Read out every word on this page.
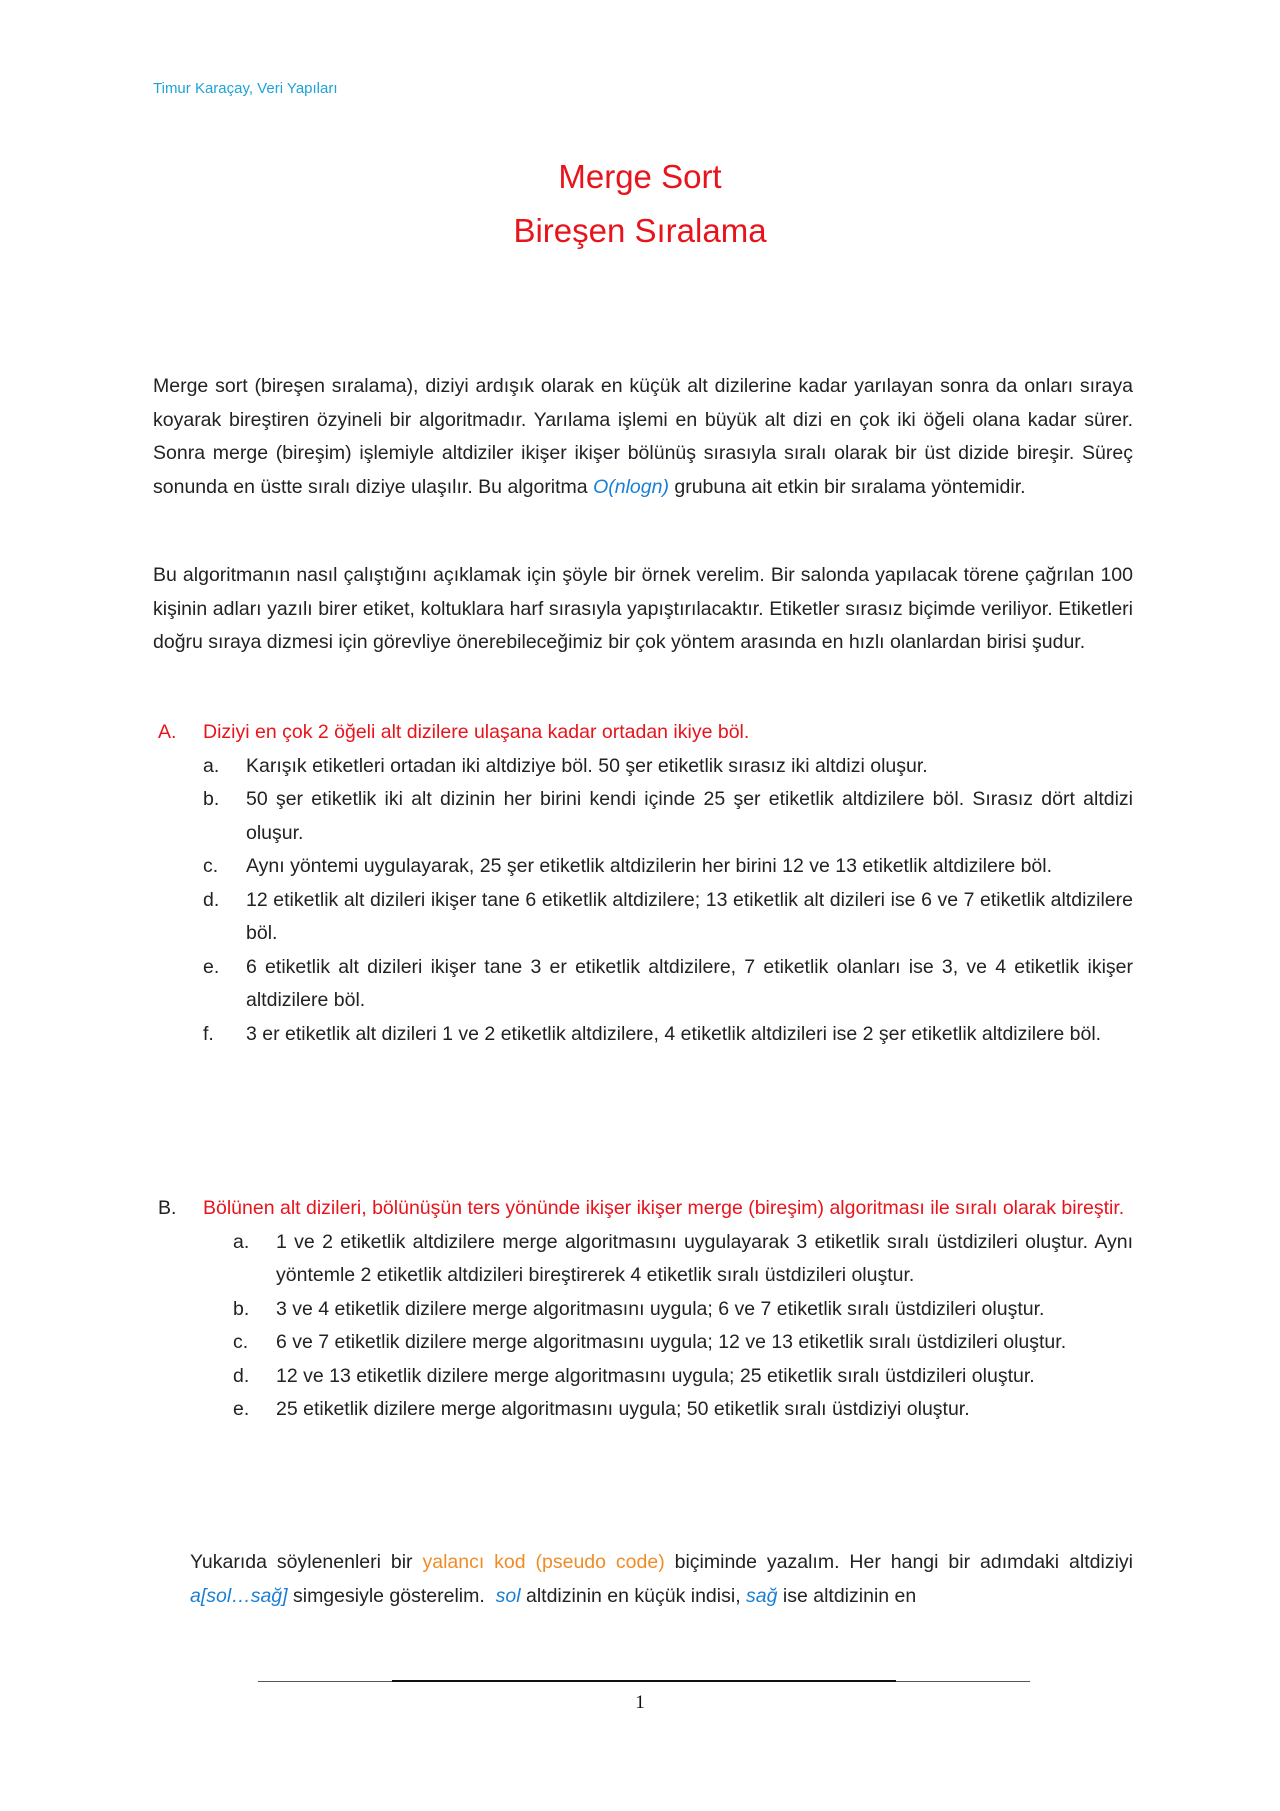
Timur Karaçay, Veri Yapıları
Merge Sort
Bireşen Sıralama
Merge sort (bireşen sıralama), diziyi ardışık olarak en küçük alt dizilerine kadar yarılayan sonra da onları sıraya koyarak bireştiren özyineli bir algoritmadır. Yarılama işlemi en büyük alt dizi en çok iki öğeli olana kadar sürer. Sonra merge (bireşim) işlemiyle altdiziler ikişer ikişer bölünüş sırasıyla sıralı olarak bir üst dizide bireşir. Süreç sonunda en üstte sıralı diziye ulaşılır. Bu algoritma O(nlogn) grubuna ait etkin bir sıralama yöntemidir.
Bu algoritmanın nasıl çalıştığını açıklamak için şöyle bir örnek verelim. Bir salonda yapılacak törene çağrılan 100 kişinin adları yazılı birer etiket, koltuklara harf sırasıyla yapıştırılacaktır. Etiketler sırasız biçimde veriliyor. Etiketleri doğru sıraya dizmesi için görevliye önerebileceğimiz bir çok yöntem arasında en hızlı olanlardan birisi şudur.
A.	Diziyi en çok 2 öğeli alt dizilere ulaşana kadar ortadan ikiye böl.
a.	Karışık etiketleri ortadan iki altdiziye böl. 50 şer etiketlik sırasız iki altdizi oluşur.
b.	50 şer etiketlik iki alt dizinin her birini kendi içinde 25 şer etiketlik altdizilere böl. Sırasız dört altdizi oluşur.
c.	Aynı yöntemi uygulayarak, 25 şer etiketlik altdizilerin her birini 12 ve 13 etiketlik altdizilere böl.
d.	12 etiketlik alt dizileri ikişer tane 6 etiketlik altdizilere; 13 etiketlik alt dizileri ise 6 ve 7 etiketlik altdizilere böl.
e.	6 etiketlik alt dizileri ikişer tane 3 er etiketlik altdizilere, 7 etiketlik olanları ise 3, ve 4 etiketlik ikişer altdizilere böl.
f.	3 er etiketlik alt dizileri 1 ve 2 etiketlik altdizilere, 4 etiketlik altdizileri ise 2 şer etiketlik altdizilere böl.
B.	Bölünen alt dizileri, bölünüşün ters yönünde ikişer ikişer merge (bireşim) algoritması ile sıralı olarak bireştir.
a.	1 ve 2 etiketlik altdizilere merge algoritmasını uygulayarak 3 etiketlik sıralı üstdizileri oluştur. Aynı yöntemle 2 etiketlik altdizileri bireştirerek 4 etiketlik sıralı üstdizileri oluştur.
b.	3 ve 4 etiketlik dizilere merge algoritmasını uygula; 6 ve 7 etiketlik sıralı üstdizileri oluştur.
c.	6 ve 7 etiketlik dizilere merge algoritmasını uygula; 12 ve 13 etiketlik sıralı üstdizileri oluştur.
d.	12 ve 13 etiketlik dizilere merge algoritmasını uygula; 25 etiketlik sıralı üstdizileri oluştur.
e.	25 etiketlik dizilere merge algoritmasını uygula; 50 etiketlik sıralı üstdiziyi oluştur.
Yukarıda söylenenleri bir yalancı kod (pseudo code) biçiminde yazalım. Her hangi bir adımdaki altdiziyi a[sol…sağ] simgesiyle gösterelim.  sol altdizinin en küçük indisi, sağ ise altdizinin en
1
